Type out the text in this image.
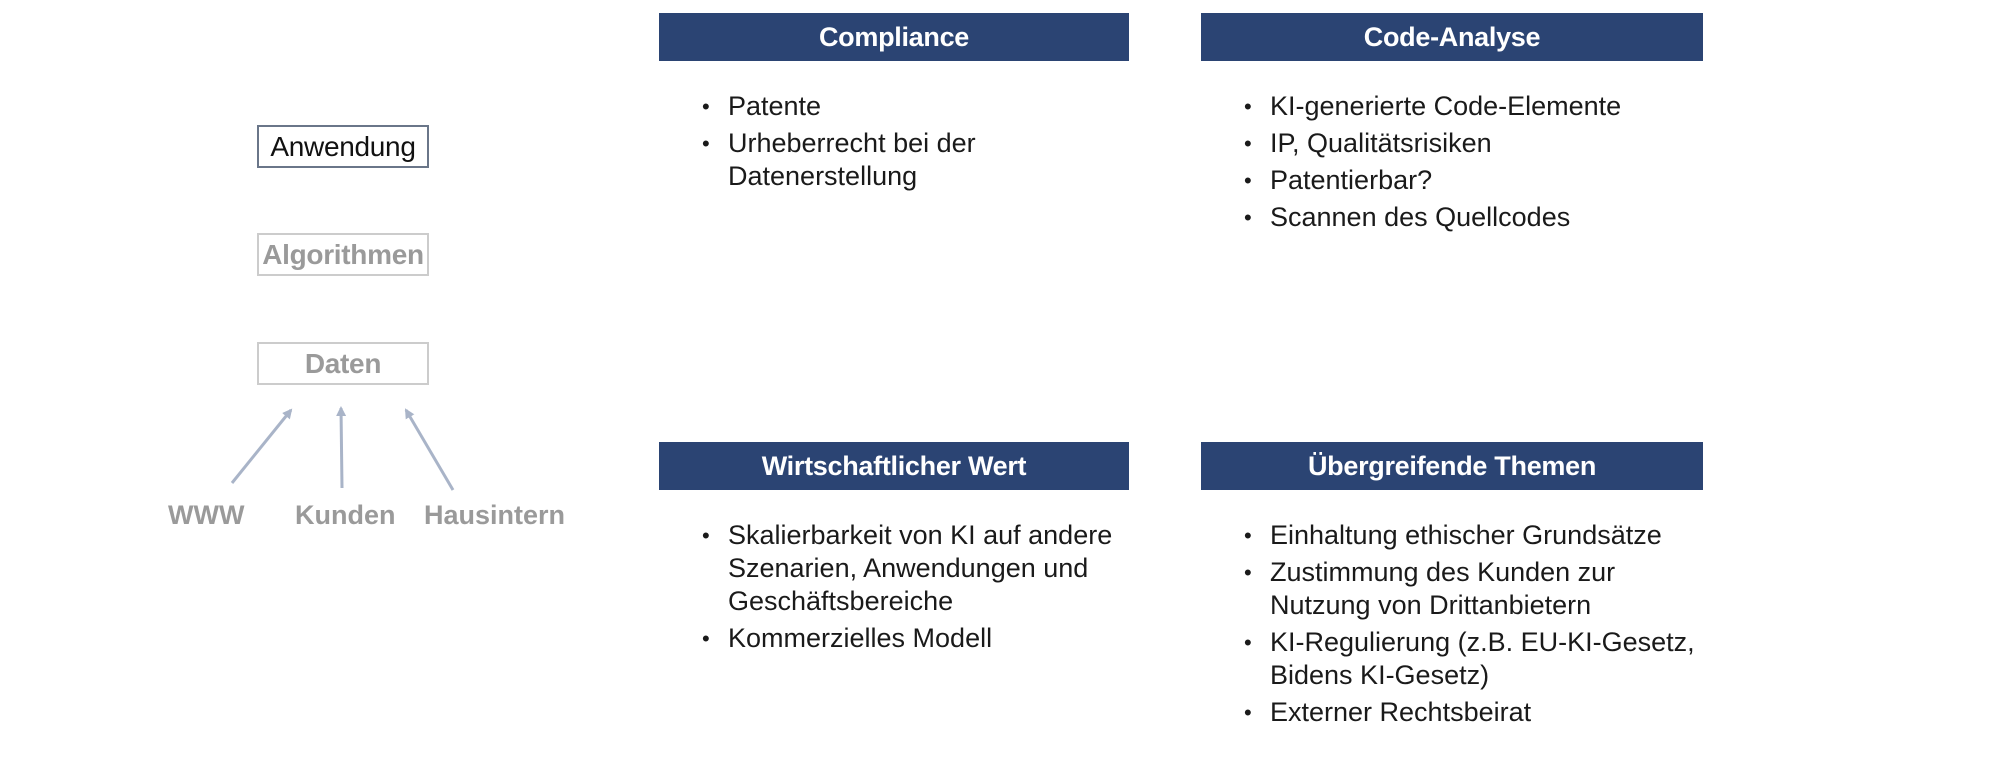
Anwendung
Algorithmen
Daten
WWW Kunden Hausintern
Compliance
• Patente
• Urheberrecht bei der Datenerstellung
Code-Analyse
• KI-generierte Code-Elemente
• IP, Qualitätsrisiken
• Patentierbar?
• Scannen des Quellcodes
Wirtschaftlicher Wert
• Skalierbarkeit von KI auf andere Szenarien, Anwendungen und Geschäftsbereiche
• Kommerzielles Modell
Übergreifende Themen
• Einhaltung ethischer Grundsätze
• Zustimmung des Kunden zur Nutzung von Drittanbietern
• KI-Regulierung (z.B. EU-KI-Gesetz, Bidens KI-Gesetz)
• Externer Rechtsbeirat
